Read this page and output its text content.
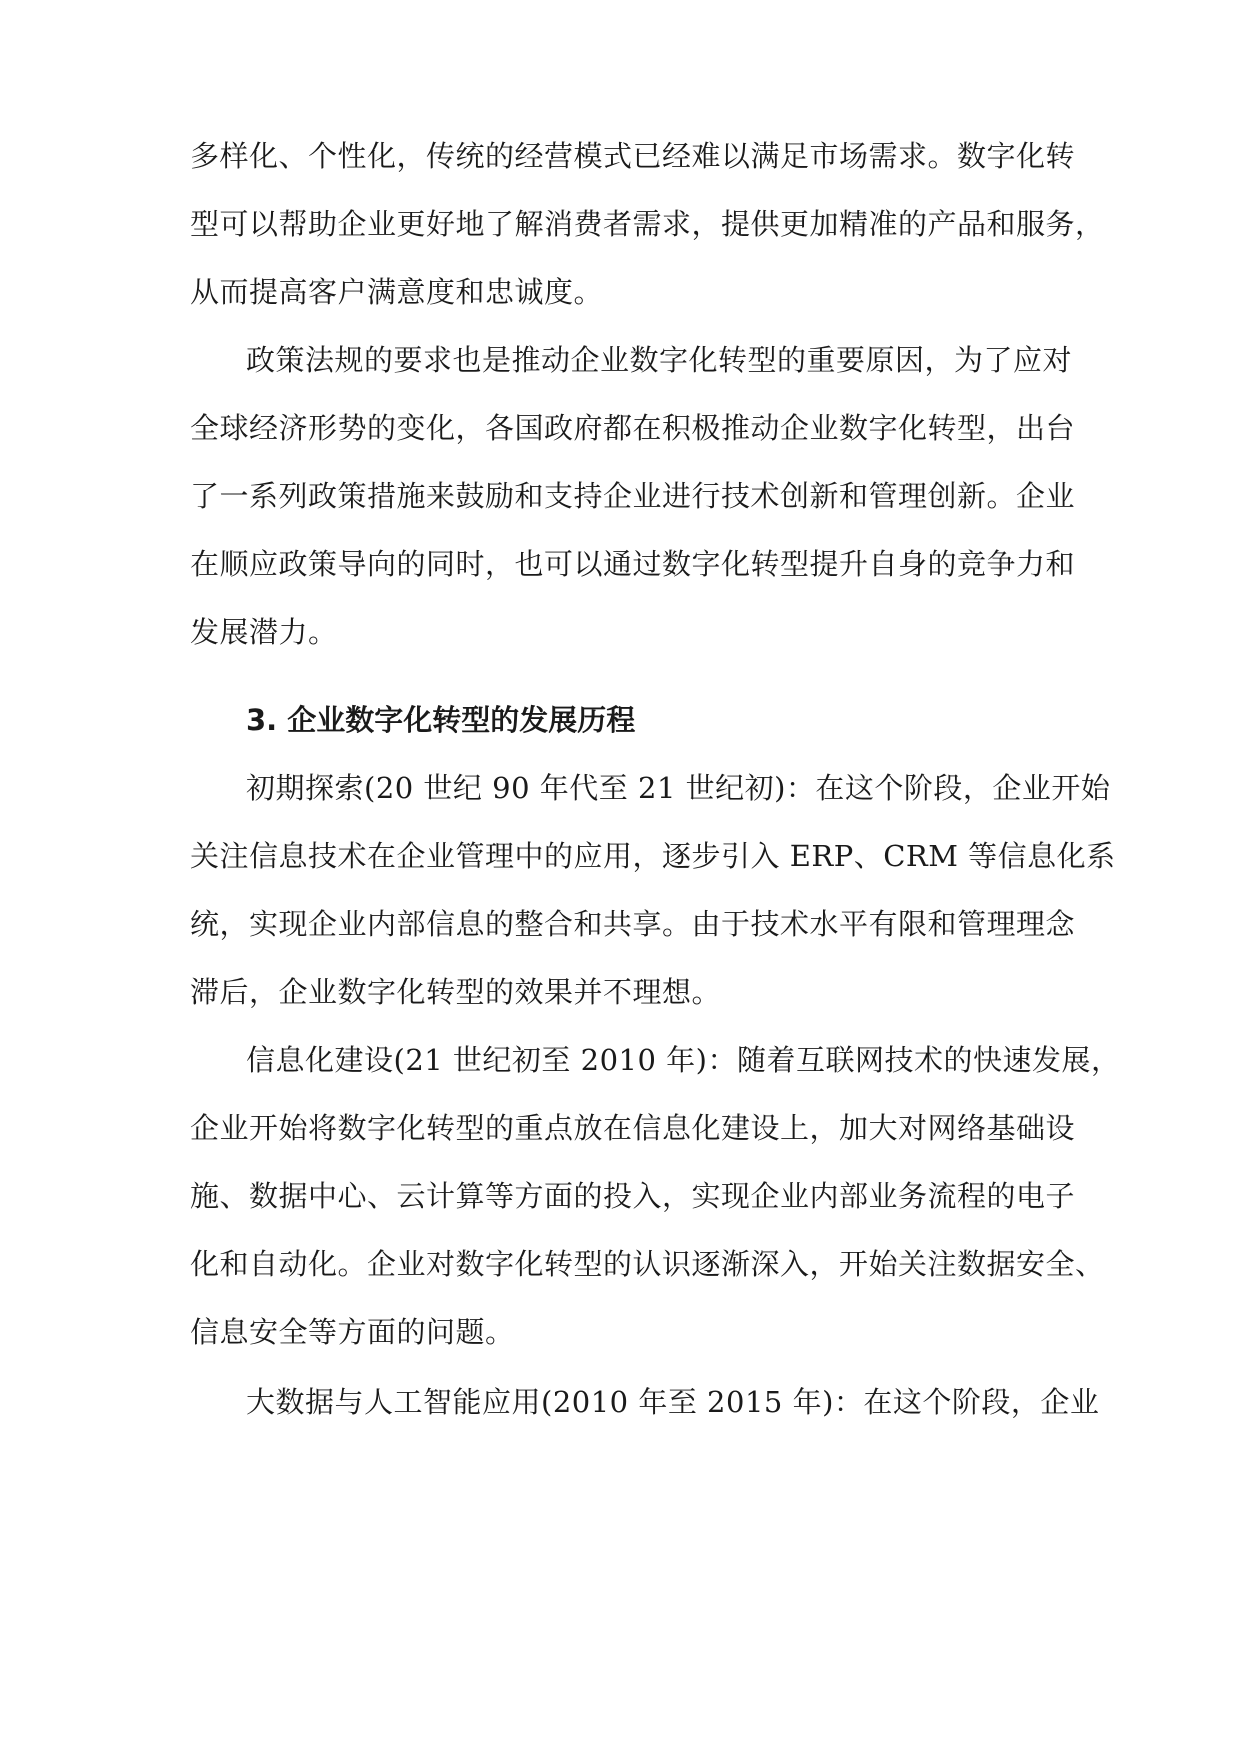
多样化、个性化，传统的经营模式已经难以满足市场需求。数字化转
型可以帮助企业更好地了解消费者需求，提供更加精准的产品和服务，
从而提高客户满意度和忠诚度。
政策法规的要求也是推动企业数字化转型的重要原因，为了应对
全球经济形势的变化，各国政府都在积极推动企业数字化转型，出台
了一系列政策措施来鼓励和支持企业进行技术创新和管理创新。企业
在顺应政策导向的同时，也可以通过数字化转型提升自身的竞争力和
发展潜力。
3. 企业数字化转型的发展历程
初期探索(20 世纪 90 年代至 21 世纪初)：在这个阶段，企业开始
关注信息技术在企业管理中的应用，逐步引入 ERP、CRM 等信息化系
统，实现企业内部信息的整合和共享。由于技术水平有限和管理理念
滞后，企业数字化转型的效果并不理想。
信息化建设(21 世纪初至 2010 年)：随着互联网技术的快速发展，
企业开始将数字化转型的重点放在信息化建设上，加大对网络基础设
施、数据中心、云计算等方面的投入，实现企业内部业务流程的电子
化和自动化。企业对数字化转型的认识逐渐深入，开始关注数据安全、
信息安全等方面的问题。
大数据与人工智能应用(2010 年至 2015 年)：在这个阶段，企业
